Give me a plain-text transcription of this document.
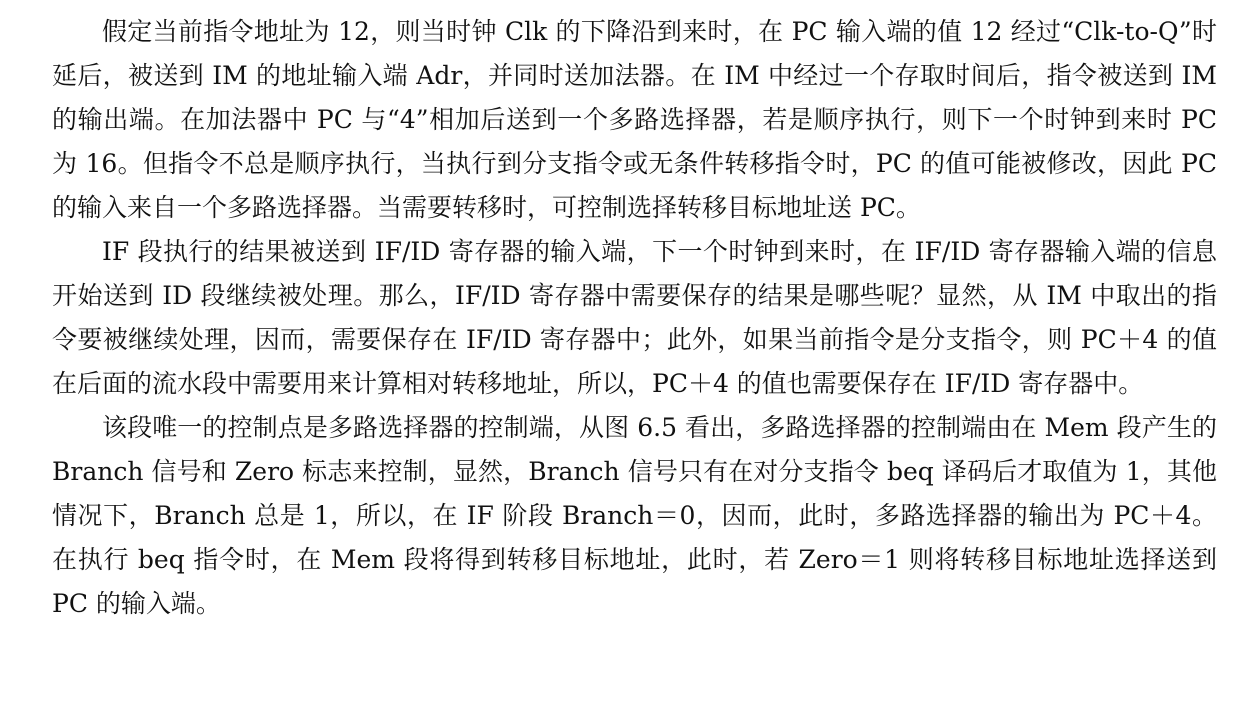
假定当前指令地址为 12，则当时钟 Clk 的下降沿到来时，在 PC 输入端的值 12 经过“Clk-to-Q”时延后，被送到 IM 的地址输入端 Adr，并同时送加法器。在 IM 中经过一个存取时间后，指令被送到 IM 的输出端。在加法器中 PC 与“4”相加后送到一个多路选择器，若是顺序执行，则下一个时钟到来时 PC 为 16。但指令不总是顺序执行，当执行到分支指令或无条件转移指令时，PC 的值可能被修改，因此 PC 的输入来自一个多路选择器。当需要转移时，可控制选择转移目标地址送 PC。

IF 段执行的结果被送到 IF/ID 寄存器的输入端，下一个时钟到来时，在 IF/ID 寄存器输入端的信息开始送到 ID 段继续被处理。那么，IF/ID 寄存器中需要保存的结果是哪些呢？显然，从 IM 中取出的指令要被继续处理，因而，需要保存在 IF/ID 寄存器中；此外，如果当前指令是分支指令，则 PC＋4 的值在后面的流水段中需要用来计算相对转移地址，所以，PC＋4 的值也需要保存在 IF/ID 寄存器中。

该段唯一的控制点是多路选择器的控制端，从图 6.5 看出，多路选择器的控制端由在 Mem 段产生的 Branch 信号和 Zero 标志来控制，显然，Branch 信号只有在对分支指令 beq 译码后才取值为 1，其他情况下，Branch 总是 1，所以，在 IF 阶段 Branch＝0，因而，此时，多路选择器的输出为 PC＋4。在执行 beq 指令时，在 Mem 段将得到转移目标地址，此时，若 Zero＝1 则将转移目标地址选择送到 PC 的输入端。
